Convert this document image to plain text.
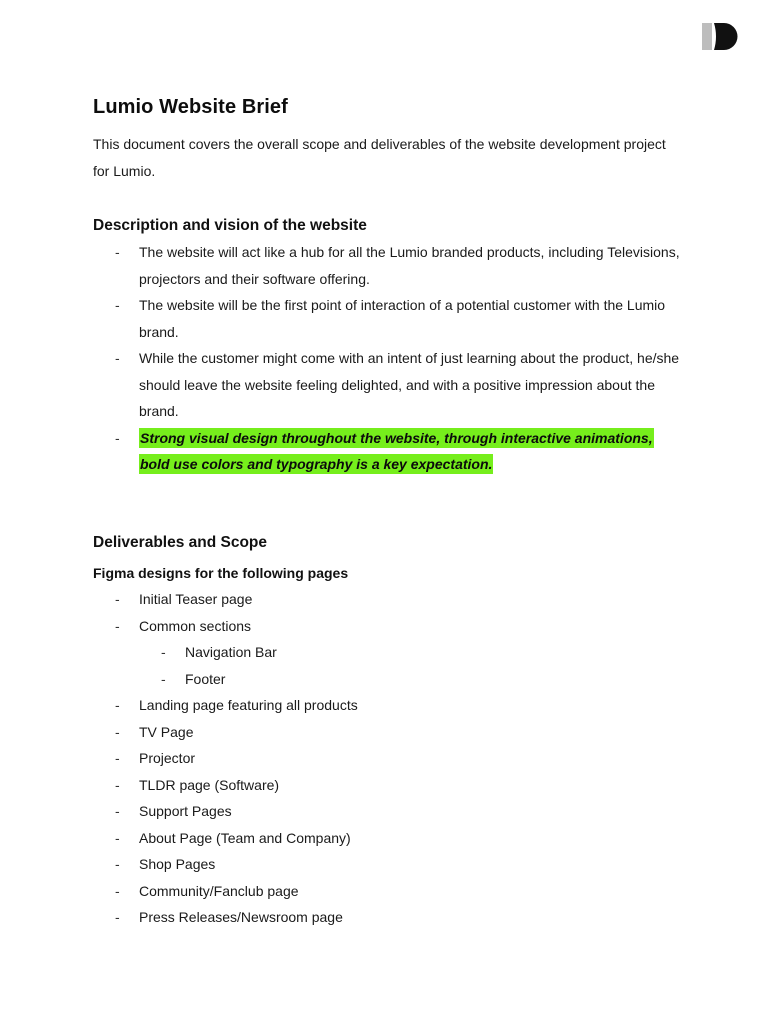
Lumio Website Brief

This document covers the overall scope and deliverables of the website development project for Lumio.

Description and vision of the website
- The website will act like a hub for all the Lumio branded products, including Televisions, projectors and their software offering.
- The website will be the first point of interaction of a potential customer with the Lumio brand.
- While the customer might come with an intent of just learning about the product, he/she should leave the website feeling delighted, and with a positive impression about the brand.
- Strong visual design throughout the website, through interactive animations, bold use colors and typography is a key expectation.
Deliverables and Scope
Figma designs for the following pages
- Initial Teaser page
- Common sections
- Navigation Bar
- Footer
- Landing page featuring all products
- TV Page
- Projector
- TLDR page (Software)
- Support Pages
- About Page (Team and Company)
- Shop Pages
- Community/Fanclub page
- Press Releases/Newsroom page
